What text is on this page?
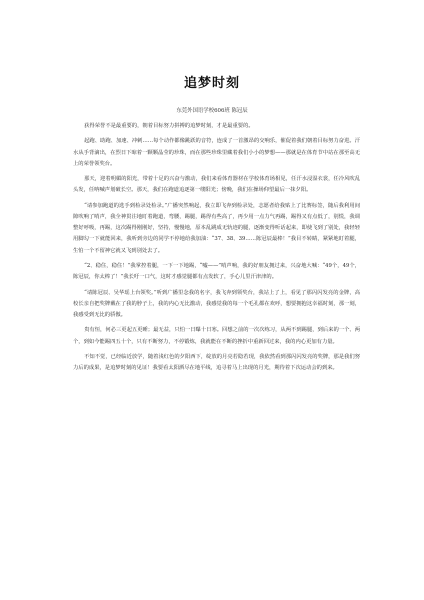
追梦时刻
东莞外国语学校606班 陈冠辰

获得荣誉不是最重要的，朝着目标努力拼搏的追梦时刻，才是最重要的。

起跑、助跑、加速、冲刺……每个动作都像跳跃的音符，连成了一首激昂的交响乐，催促着我们朝着目标努力奋进。汗水从手背滴出，在烈日下晾着一颗颗晶莹的珍珠，而在那些珍珠里藏着我们小小的梦想——那就是在体育节中站在那至高无上的荣誉领奖台。

那天，迎着明媚的阳光，带着十足的兴奋与激动，我们来看体育器材在学校体育场相见，任汗水浸湿衣裳，任冷风吹乱头发，任呐喊声划破长空。那天，我们在跑道追逐第一缕阳光；傍晚，我们在操场仰望最后一抹夕阳。

“请参加跑道的选手到检录处检录。”广播突然响起，我立即飞奔到检录处，志愿者给我贴上了比赛标签，随后我利用间隙吹响了哨声，我全神贯注地盯着跑道，弯腰，踢腿，踢得有些高了，再少用一点力气再踢，踢得又有点低了，别慌，我调整好呼吸，再踢，这次踢得刚刚好，坚持，慢慢地，原本乱跳成无轨迹的腿，逐渐变得听话起来，即使飞到了别处，我轻轻用脚勾一下就能回来，我听到旁边的同学不停地给我加油：“37、38、39……陈冠辰最棒！”我目不转睛，紧紧地盯着腿，生怕一个不留神它就又飞到别处去了。

“2、稳住，稳住！”我掌控着腿，一下一下地踢，“嘘——”哨声响，我的好朋友拥过来，兴奋地大喊：“49个，49个，陈冠辰，你太棒了！”我长吁一口气，这时才感觉腿都有点发软了，手心儿里汗津津的。

“请陈冠辰、吴华瑶上台领奖。”听到广播里念我的名字，我飞奔到领奖台，我站上了上，看见了那闪闪发亮的金牌，高校长亲自把奖牌戴在了我的脖子上，我的内心无比激动，我感觉我的每一个毛孔都在欢呼，想要拥抱这幸福时刻，那一刻，我感受到无比的骄傲。

贵有恒，何必三更起五更睡；最无益，只怕一日曝十日寒。回想之前的一次次练习，从两不到踢腿，到后来的一个、两个，到如今能踢四五十个，只有不断努力，不停锻炼，我就能在不断的挫折中重新回过来，我的内心更加有力量。

不知不觉，已经临近放学，随着浅红色的夕阳西下，绽放的月亮若隐若现，我依然看到那闪闪发亮的奖牌，那是我们努力后的成果，是追梦时刻的见证！我要看太阳洒尽在地平线，追寻着马上出现的月光，期待着下次运动会的到来。
